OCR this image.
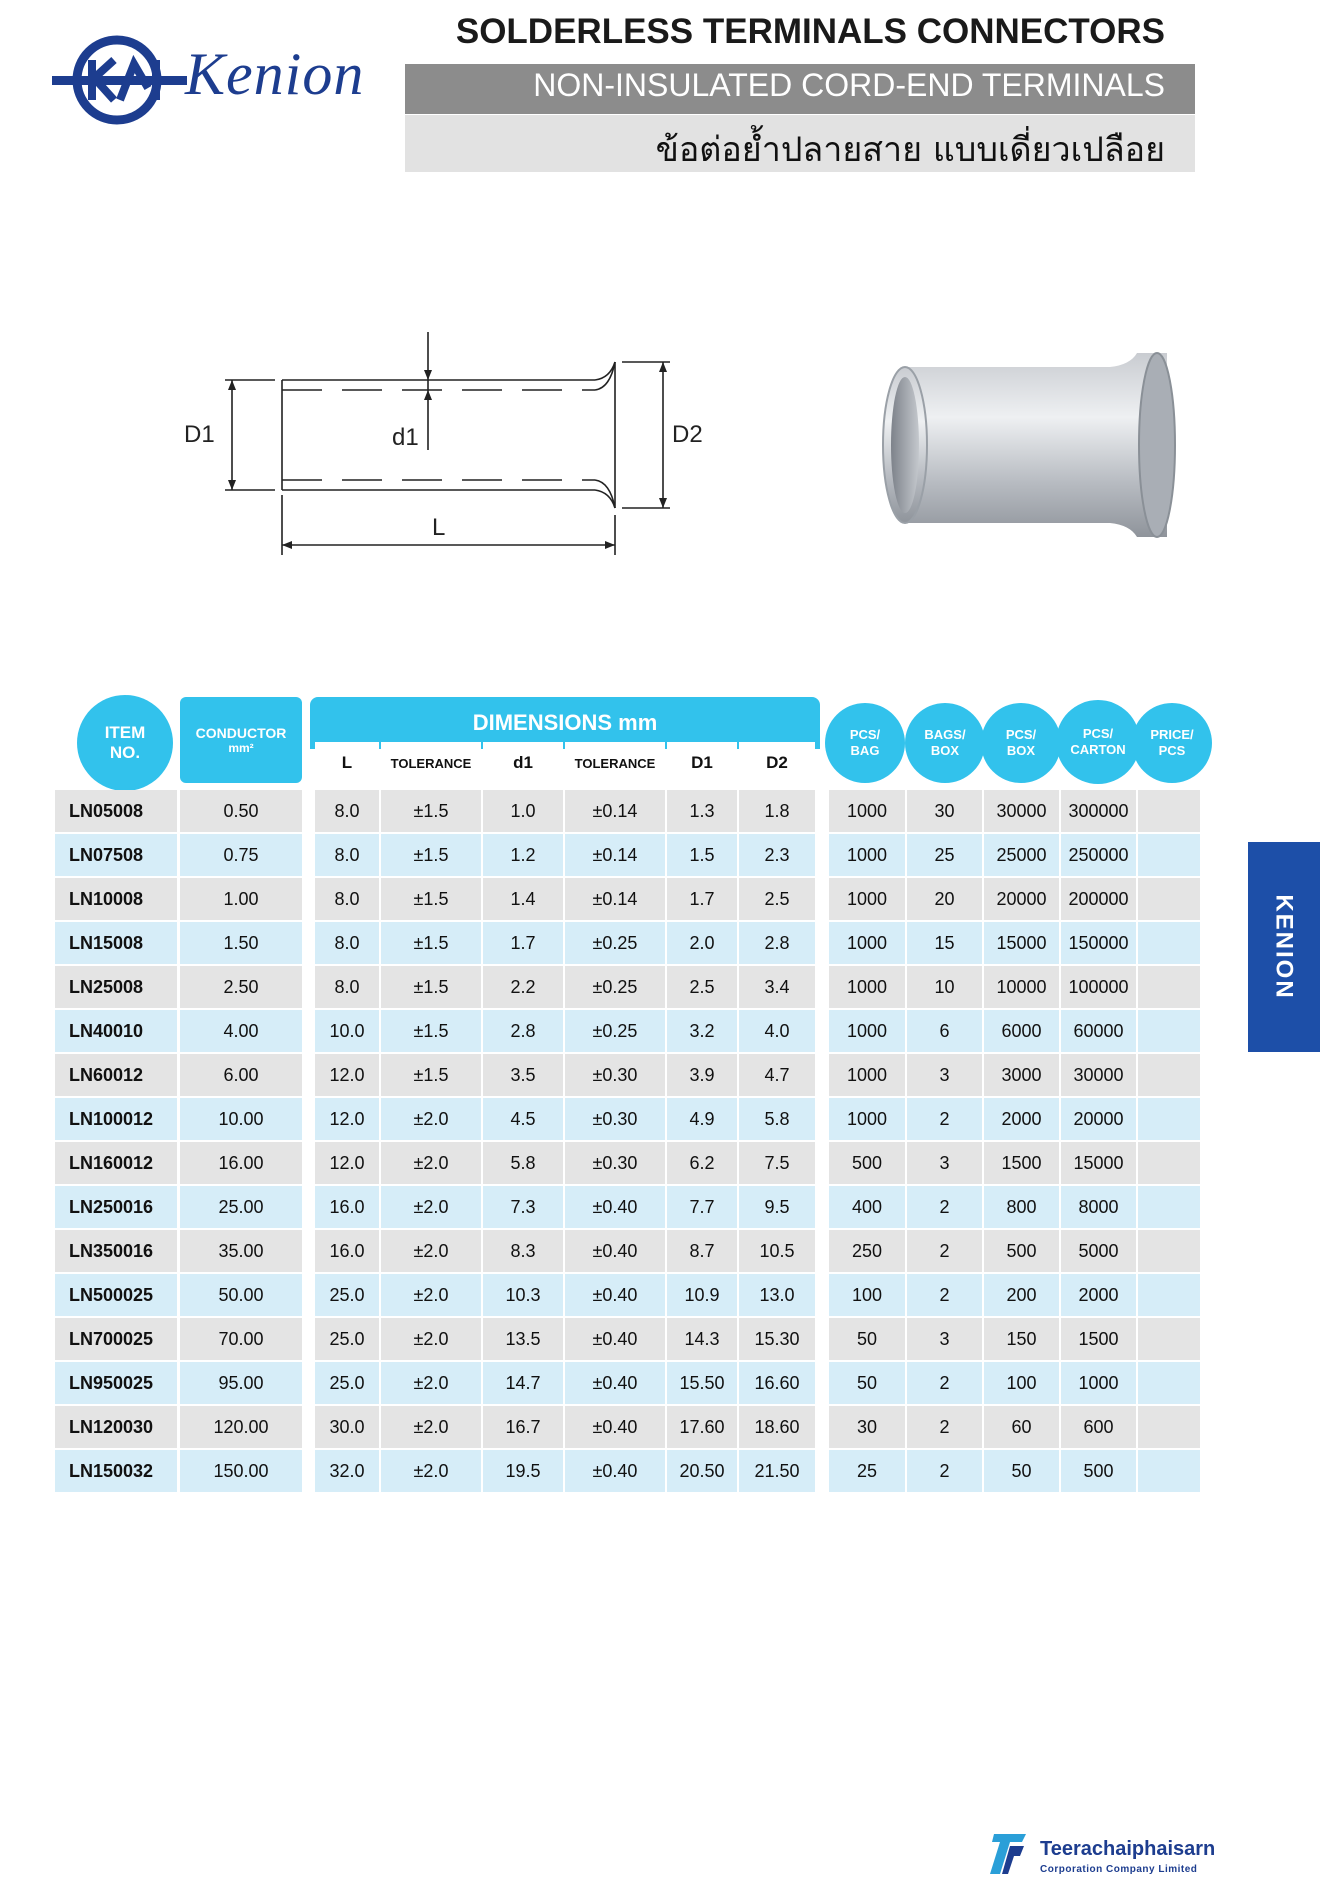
Kenion
SOLDERLESS TERMINALS CONNECTORS
NON-INSULATED CORD-END TERMINALS
ข้อต่อย้ำปลายสาย แบบเดี่ยวเปลือย
D1	d1	D2
L
KENION
ITEM
NO.
CONDUCTOR
mm²
DIMENSIONS mm
L	TOLERANCE	d1	TOLERANCE	D1	D2
PCS/
BAG
BAGS/
BOX
PCS/
BOX
PCS/
CARTON
PRICE/
PCS
LN05008	0.50	8.0	±1.5	1.0	±0.14	1.3	1.8	1000	30	30000	300000
LN07508	0.75	8.0	±1.5	1.2	±0.14	1.5	2.3	1000	25	25000	250000
LN10008	1.00	8.0	±1.5	1.4	±0.14	1.7	2.5	1000	20	20000	200000
LN15008	1.50	8.0	±1.5	1.7	±0.25	2.0	2.8	1000	15	15000	150000
LN25008	2.50	8.0	±1.5	2.2	±0.25	2.5	3.4	1000	10	10000	100000
LN40010	4.00	10.0	±1.5	2.8	±0.25	3.2	4.0	1000	6	6000	60000
LN60012	6.00	12.0	±1.5	3.5	±0.30	3.9	4.7	1000	3	3000	30000
LN100012	10.00	12.0	±2.0	4.5	±0.30	4.9	5.8	1000	2	2000	20000
LN160012	16.00	12.0	±2.0	5.8	±0.30	6.2	7.5	500	3	1500	15000
LN250016	25.00	16.0	±2.0	7.3	±0.40	7.7	9.5	400	2	800	8000
LN350016	35.00	16.0	±2.0	8.3	±0.40	8.7	10.5	250	2	500	5000
LN500025	50.00	25.0	±2.0	10.3	±0.40	10.9	13.0	100	2	200	2000
LN700025	70.00	25.0	±2.0	13.5	±0.40	14.3	15.30	50	3	150	1500
LN950025	95.00	25.0	±2.0	14.7	±0.40	15.50	16.60	50	2	100	1000
LN120030	120.00	30.0	±2.0	16.7	±0.40	17.60	18.60	30	2	60	600
LN150032	150.00	32.0	±2.0	19.5	±0.40	20.50	21.50	25	2	50	500
Teerachaiphaisarn
Corporation Company Limited
